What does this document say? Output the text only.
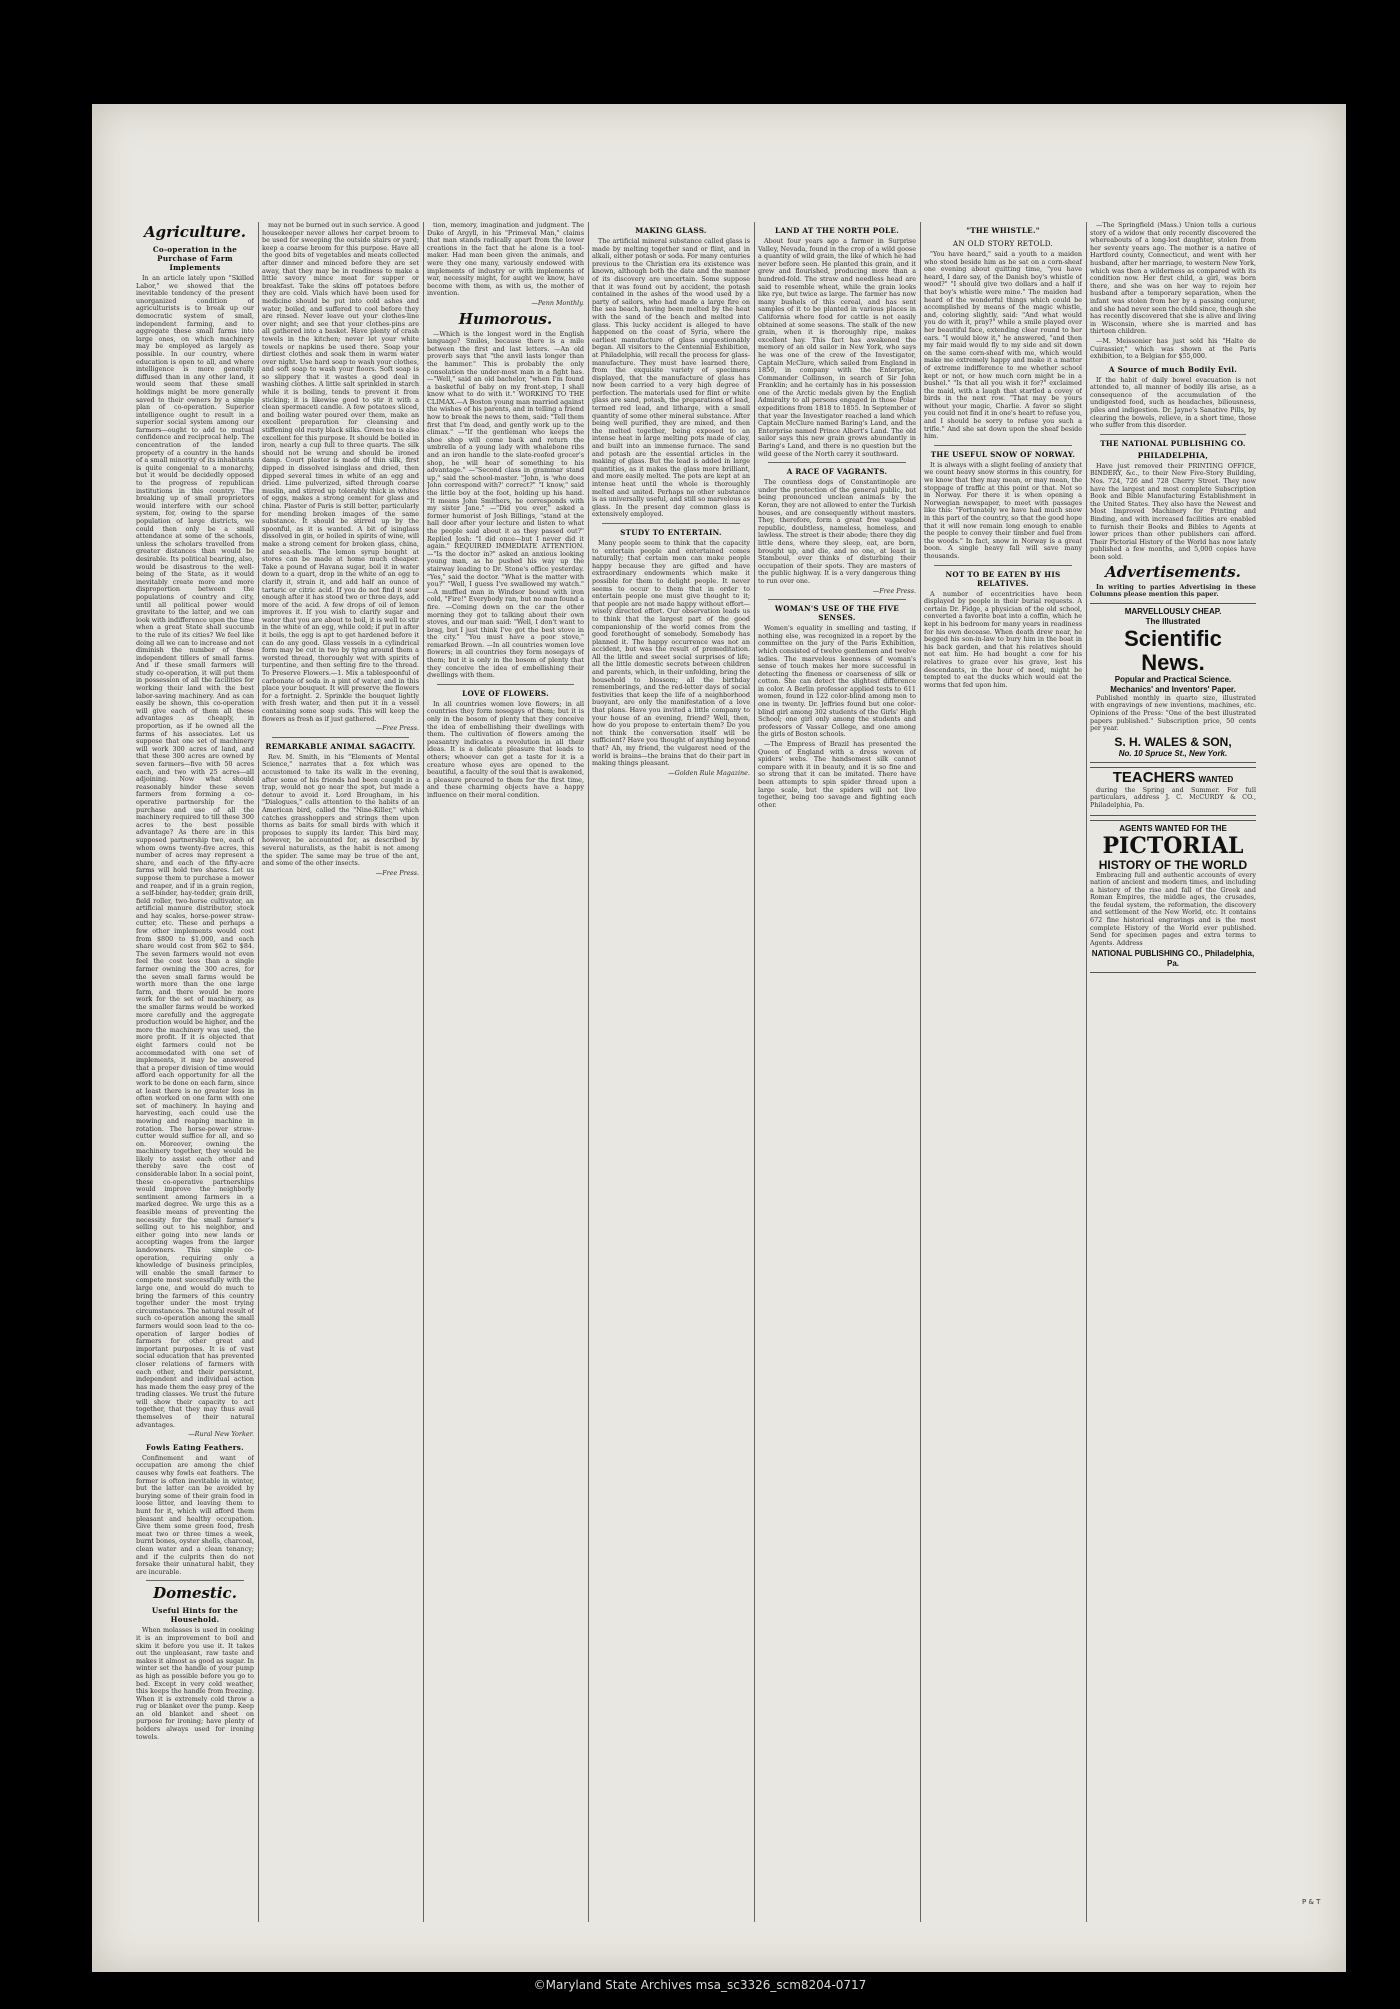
Agriculture.
Co-operation in the Purchase of Farm Implements

In an article lately upon "Skilled Labor," we showed that the inevitable tendency of the present unorganized condition of agriculturists is to break up our democratic system of small, independent farming, and to aggregate these small farms into large ones, on which machinery may be employed as largely as possible. In our country, where education is open to all, and where intelligence is more generally diffused than in any other land, it would seem that these small holdings might be more generally saved to their owners by a simple plan of co-operation. Superior intelligence ought to result in a superior social system among our farmers—ought to add to mutual confidence and reciprocal help. The concentration of the landed property of a country in the hands of a small minority of its inhabitants is quite congenial to a monarchy, but it would be decidedly opposed to the progress of republican institutions in this country. The breaking up of small proprietors would interfere with our school system, for, owing to the sparse population of large districts, we could then only be a small attendance at some of the schools, unless the scholars travelled from greater distances than would be desirable. Its political bearing, also, would be disastrous to the well-being of the State, as it would inevitably create more and more disproportion between the populations of country and city, until all political power would gravitate to the latter, and we can look with indifference upon the time when a great State shall succumb to the rule of its cities? We feel like doing all we can to increase and not diminish the number of these independent tillers of small farms. And if these small farmers will study co-operation, it will put them in possession of all the facilities for working their land with the best labor-saving machinery. And as can easily be shown, this co-operation will give each of them all these advantages as cheaply, in proportion, as if he owned all the farms of his associates. Let us suppose that one set of machinery will work 300 acres of land, and that these 300 acres are owned by seven farmers—five with 50 acres each, and two with 25 acres—all adjoining. Now what should reasonably hinder these seven farmers from forming a co-operative partnership for the purchase and use of all the machinery required to till these 300 acres to the best possible advantage? As there are in this supposed partnership two, each of whom owns twenty-five acres, this number of acres may represent a share, and each of the fifty-acre farms will hold two shares. Let us suppose them to purchase a mower and reaper, and if in a grain region, a self-binder, hay-tedder, grain drill, field roller, two-horse cultivator, an artificial manure distributor, stock and hay scales, horse-power straw-cutter, etc. These and perhaps a few other implements would cost from $800 to $1,000, and each share would cost from $62 to $84. The seven farmers would not even feel the cost less than a single farmer owning the 300 acres, for the seven small farms would be worth more than the one large farm, and there would be more work for the set of machinery, as the smaller farms would be worked more carefully and the aggregate production would be higher, and the more the machinery was used, the more profit. If it is objected that eight farmers could not be accommodated with one set of implements, it may be answered that a proper division of time would afford each opportunity for all the work to be done on each farm, since at least there is no greater loss in often worked on one farm with one set of machinery. In haying and harvesting, each could use the mowing and reaping machine in rotation. The horse-power straw-cutter would suffice for all, and so on. Moreover, owning the machinery together, they would be likely to assist each other and thereby save the cost of considerable labor. In a social point, these co-operative partnerships would improve the neighborly sentiment among farmers in a marked degree. We urge this as a feasible means of preventing the necessity for the small farmer's selling out to his neighbor, and either going into new lands or accepting wages from the larger landowners. This simple co-operation, requiring only a knowledge of business principles, will enable the small farmer to compete most successfully with the large one, and would do much to bring the farmers of this country together under the most trying circumstances. The natural result of such co-operation among the small farmers would soon lead to the co-operation of larger bodies of farmers for other great and important purposes. It is of vast social education that has prevented closer relations of farmers with each other, and their persistent, independent and individual action has made them the easy prey of the trading classes. We trust the future will show their capacity to act together, that they may thus avail themselves of their natural advantages.

—Rural New Yorker.

Fowls Eating Feathers.

Confinement and want of occupation are among the chief causes why fowls eat feathers. The former is often inevitable in winter, but the latter can be avoided by burying some of their grain food in loose litter, and leaving them to hunt for it, which will afford them pleasant and healthy occupation. Give them some green food, fresh meat two or three times a week, burnt bones, oyster shells, charcoal, clean water and a clean tenancy; and if the culprits then do not forsake their unnatural habit, they are incurable.

Domestic.
Useful Hints for the Household.

When molasses is used in cooking it is an improvement to boil and skim it before you use it. It takes out the unpleasant, raw taste and makes it almost as good as sugar. In winter set the handle of your pump as high as possible before you go to bed. Except in very cold weather, this keeps the handle from freezing. When it is extremely cold throw a rug or blanket over the pump. Keep an old blanket and sheet on purpose for ironing; have plenty of holders always used for ironing towels.

may not be burned out in such service. A good housekeeper never allows her carpet broom to be used for sweeping the outside stairs or yard; keep a coarse broom for this purpose. Have all the good bits of vegetables and meats collected after dinner and minced before they are set away, that they may be in readiness to make a little savory mince meat for supper or breakfast. Take the skins off potatoes before they are cold. Vials which have been used for medicine should be put into cold ashes and water, boiled, and suffered to cool before they are rinsed. Never leave out your clothes-line over night; and see that your clothes-pins are all gathered into a basket. Have plenty of crash towels in the kitchen; never let your white towels or napkins be used there. Soap your dirtiest clothes and soak them in warm water over night. Use hard soap to wash your clothes, and soft soap to wash your floors. Soft soap is so slippery that it wastes a good deal in washing clothes. A little salt sprinkled in starch while it is boiling, tends to prevent it from sticking; it is likewise good to stir it with a clean spermaceti candle. A few potatoes sliced, and boiling water poured over them, make an excellent preparation for cleansing and stiffening old rusty black silks. Green tea is also excellent for this purpose. It should be boiled in iron, nearly a cup full to three quarts. The silk should not be wrung and should be ironed damp. Court plaster is made of thin silk, first dipped in dissolved isinglass and dried, then dipped several times in white of an egg and dried. Lime pulverized, sifted through coarse muslin, and stirred up tolerably thick in whites of eggs, makes a strong cement for glass and china. Plaster of Paris is still better, particularly for mending broken images of the same substance. It should be stirred up by the spoonful, as it is wanted. A bit of isinglass dissolved in gin, or boiled in spirits of wine, will make a strong cement for broken glass, china, and sea-shells. The lemon syrup bought at stores can be made at home much cheaper. Take a pound of Havana sugar, boil it in water down to a quart, drop in the white of an egg to clarify it, strain it, and add half an ounce of tartaric or citric acid. If you do not find it sour enough after it has stood two or three days, add more of the acid. A few drops of oil of lemon improves it. If you wish to clarify sugar and water that you are about to boil, it is well to stir in the white of an egg, while cold; if put in after it boils, the egg is apt to get hardened before it can do any good. Glass vessels in a cylindrical form may be cut in two by tying around them a worsted thread, thoroughly wet with spirits of turpentine, and then setting fire to the thread. To Preserve Flowers.—1. Mix a tablespoonful of carbonate of soda in a pint of water, and in this place your bouquet. It will preserve the flowers for a fortnight. 2. Sprinkle the bouquet lightly with fresh water, and then put it in a vessel containing some soap suds. This will keep the flowers as fresh as if just gathered.

—Free Press.

REMARKABLE ANIMAL SAGACITY.

Rev. M. Smith, in his "Elements of Mental Science," narrates that a fox which was accustomed to take its walk in the evening, after some of his friends had been caught in a trap, would not go near the spot, but made a detour to avoid it. Lord Brougham, in his "Dialogues," calls attention to the habits of an American bird, called the "Nine-Killer," which catches grasshoppers and strings them upon thorns as baits for small birds with which it proposes to supply its larder. This bird may, however, be accounted for, as described by several naturalists, as the habit is not among the spider. The same may be true of the ant, and some of the other insects.

—Free Press.

tion, memory, imagination and judgment. The Duke of Argyll, in his "Primeval Man," claims that man stands radically apart from the lower creations in the fact that he alone is a tool-maker. Had man been given the animals, and were they one many, variously endowed with implements of industry or with implements of war, necessity might, for aught we know, have become with them, as with us, the mother of invention.

—Penn Monthly.

Humorous.

—Which is the longest word in the English language? Smiles, because there is a mile between the first and last letters. —An old proverb says that "the anvil lasts longer than the hammer." This is probably the only consolation the under-most man in a fight has. —"Well," said an old bachelor, "when I'm found a basketful of baby on my front-step, I shall know what to do with it." WORKING TO THE CLIMAX.—A Boston young man married against the wishes of his parents, and in telling a friend how to break the news to them, said: "Tell them first that I'm dead, and gently work up to the climax." —"If the gentleman who keeps the shoe shop will come back and return the umbrella of a young lady with whalebone ribs and an iron handle to the slate-roofed grocer's shop, he will hear of something to his advantage." —"Second class in grammar stand up," said the school-master. "John, is 'who does John correspond with?' correct?" "I know," said the little boy at the foot, holding up his hand. "It means John Smithers, he corresponds with my sister Jane." —"Did you ever," asked a former humorist of Josh Billings, "stand at the hall door after your lecture and listen to what the people said about it as they passed out?" Replied Josh: "I did once—but I never did it again." REQUIRED IMMEDIATE ATTENTION.—"Is the doctor in?" asked an anxious looking young man, as he pushed his way up the stairway leading to Dr. Stone's office yesterday. "Yes," said the doctor. "What is the matter with you?" "Well, I guess I've swallowed my watch." —A muffled man in Windsor bound with iron cold, "Fire!" Everybody ran, but no man found a fire. —Coming down on the car the other morning they got to talking about their own stoves, and our man said: "Well, I don't want to brag, but I just think I've got the best stove in the city." "You must have a poor stove," remarked Brown. —In all countries women love flowers; in all countries they form nosegays of them; but it is only in the bosom of plenty that they conceive the idea of embellishing their dwellings with them.

LOVE OF FLOWERS.

In all countries women love flowers; in all countries they form nosegays of them; but it is only in the bosom of plenty that they conceive the idea of embellishing their dwellings with them. The cultivation of flowers among the peasantry indicates a revolution in all their ideas. It is a delicate pleasure that leads to others; whoever can get a taste for it is a creature whose eyes are opened to the beautiful, a faculty of the soul that is awakened, a pleasure procured to them for the first time, and these charming objects have a happy influence on their moral condition.

MAKING GLASS.

The artificial mineral substance called glass is made by melting together sand or flint, and in alkali, either potash or soda. For many centuries previous to the Christian era its existence was known, although both the date and the manner of its discovery are uncertain. Some suppose that it was found out by accident, the potash contained in the ashes of the wood used by a party of sailors, who had made a large fire on the sea beach, having been melted by the heat with the sand of the beach and melted into glass. This lucky accident is alleged to have happened on the coast of Syria, where the earliest manufacture of glass unquestionably began. All visitors to the Centennial Exhibition, at Philadelphia, will recall the process for glass-manufacture. They must have learned there, from the exquisite variety of specimens displayed, that the manufacture of glass has now been carried to a very high degree of perfection. The materials used for flint or white glass are sand, potash, the preparations of lead, termed red lead, and litharge, with a small quantity of some other mineral substance. After being well purified, they are mixed, and then the melted together, being exposed to an intense heat in large melting pots made of clay, and built into an immense furnace. The sand and potash are the essential articles in the making of glass. But the lead is added in large quantities, as it makes the glass more brilliant, and more easily melted. The pots are kept at an intense heat until the whole is thoroughly melted and united. Perhaps no other substance is as universally useful, and still so marvelous as glass. In the present day common glass is extensively employed.

STUDY TO ENTERTAIN.

Many people seem to think that the capacity to entertain people and entertained comes naturally; that certain men can make people happy because they are gifted and have extraordinary endowments which make it possible for them to delight people. It never seems to occur to them that in order to entertain people one must give thought to it; that people are not made happy without effort—wisely directed effort. Our observation leads us to think that the largest part of the good companionship of the world comes from the good forethought of somebody. Somebody has planned it. The happy occurrence was not an accident, but was the result of premeditation. All the little and sweet social surprises of life; all the little domestic secrets between children and parents, which, in their unfolding, bring the household to blossom; all the birthday rememberings, and the red-letter days of social festivities that keep the life of a neighborhood buoyant, are only the manifestation of a love that plans. Have you invited a little company to your house of an evening, friend? Well, then, how do you propose to entertain them? Do you not think the conversation itself will be sufficient? Have you thought of anything beyond that? Ah, my friend, the vulgarest need of the world is brains—the brains that do their part in making things pleasant.

—Golden Rule Magazine.

LAND AT THE NORTH POLE.

About four years ago a farmer in Surprise Valley, Nevada, found in the crop of a wild goose a quantity of wild grain, the like of which he had never before seen. He planted this grain, and it grew and flourished, producing more than a hundred-fold. The straw and needless head are said to resemble wheat, while the grain looks like rye, but twice as large. The farmer has now many bushels of this cereal, and has sent samples of it to be planted in various places in California where food for cattle is not easily obtained at some seasons. The stalk of the new grain, when it is thoroughly ripe, makes excellent hay. This fact has awakened the memory of an old sailor in New York, who says he was one of the crew of the Investigator, Captain McClure, which sailed from England in 1850, in company with the Enterprise, Commander Collinson, in search of Sir John Franklin; and he certainly has in his possession one of the Arctic medals given by the English Admiralty to all persons engaged in those Polar expeditions from 1818 to 1855. In September of that year the Investigator reached a land which Captain McClure named Baring's Land, and the Enterprise named Prince Albert's Land. The old sailor says this new grain grows abundantly in Baring's Land, and there is no question but the wild geese of the North carry it southward.

A RACE OF VAGRANTS.

The countless dogs of Constantinople are under the protection of the general public, but being pronounced unclean animals by the Koran, they are not allowed to enter the Turkish houses, and are consequently without masters. They, therefore, form a great free vagabond republic, doubtless, nameless, homeless, and lawless. The street is their abode; there they dig little dens, where they sleep, eat, are born, brought up, and die, and no one, at least in Stamboul, ever thinks of disturbing their occupation of their spots. They are masters of the public highway. It is a very dangerous thing to run over one.

—Free Press.

WOMAN'S USE OF THE FIVE SENSES.

Women's equality in smelling and tasting, if nothing else, was recognized in a report by the committee on the jury of the Paris Exhibition, which consisted of twelve gentlemen and twelve ladies. The marvelous keenness of woman's sense of touch makes her more successful in detecting the fineness or coarseness of silk or cotton. She can detect the slightest difference in color. A Berlin professor applied tests to 611 women, found in 122 color-blind among men to one in twenty. Dr. Jeffries found but one color-blind girl among 302 students of the Girls' High School; one girl only among the students and professors of Vassar College, and one among the girls of Boston schools.

—The Empress of Brazil has presented the Queen of England with a dress woven of spiders' webs. The handsomest silk cannot compare with it in beauty, and it is so fine and so strong that it can be imitated. There have been attempts to spin spider thread upon a large scale, but the spiders will not live together, being too savage and fighting each other.

"THE WHISTLE."
AN OLD STORY RETOLD.

"You have heard," said a youth to a maiden who stood beside him as he sat on a corn-sheaf one evening about quitting time, "you have heard, I dare say, of the Danish boy's whistle of wood?" "I should give two dollars and a half if that boy's whistle were mine." The maiden had heard of the wonderful things which could be accomplished by means of the magic whistle, and, coloring slightly, said: "And what would you do with it, pray?" while a smile played over her beautiful face, extending clear round to her ears. "I would blow it," he answered, "and then my fair maid would fly to my side and sit down on the same corn-sheaf with me, which would make me extremely happy and make it a matter of extreme indifference to me whether school kept or not, or how much corn might be in a bushel." "Is that all you wish it for?" exclaimed the maid, with a laugh that startled a covey of birds in the next row. "That may be yours without your magic, Charlie. A favor so slight you could not find it in one's heart to refuse you, and I should be sorry to refuse you such a trifle." And she sat down upon the sheaf beside him.

THE USEFUL SNOW OF NORWAY.

It is always with a slight feeling of anxiety that we count heavy snow storms in this country, for we know that they may mean, or may mean, the stoppage of traffic at this point or that. Not so in Norway. For there it is when opening a Norwegian newspaper, to meet with passages like this: "Fortunately we have had much snow in this part of the country, so that the good hope that it will now remain long enough to enable the people to convey their timber and fuel from the woods." In fact, snow in Norway is a great boon. A single heavy fall will save many thousands.

NOT TO BE EATEN BY HIS RELATIVES.

A number of eccentricities have been displayed by people in their burial requests. A certain Dr. Fidge, a physician of the old school, converted a favorite boat into a coffin, which he kept in his bedroom for many years in readiness for his own decease. When death drew near, he begged his son-in-law to bury him in the boat in his back garden, and that his relatives should not eat him. He had bought a cow for his relatives to graze over his grave, lest his descendants, in the hour of need, might be tempted to eat the ducks which would eat the worms that fed upon him.

—The Springfield (Mass.) Union tells a curious story of a widow that only recently discovered the whereabouts of a long-lost daughter, stolen from her seventy years ago. The mother is a native of Hartford county, Connecticut, and went with her husband, after her marriage, to western New York, which was then a wilderness as compared with its condition now. Her first child, a girl, was born there, and she was on her way to rejoin her husband after a temporary separation, when the infant was stolen from her by a passing conjurer, and she had never seen the child since, though she has recently discovered that she is alive and living in Wisconsin, where she is married and has thirteen children.

—M. Meissonier has just sold his "Halte de Cuirassier," which was shown at the Paris exhibition, to a Belgian for $55,000.

A Source of much Bodily Evil.

If the habit of daily bowel evacuation is not attended to, all manner of bodily ills arise, as a consequence of the accumulation of the undigested food, such as headaches, biliousness, piles and indigestion. Dr. Jayne's Sanative Pills, by clearing the bowels, relieve, in a short time, those who suffer from this disorder.

THE NATIONAL PUBLISHING CO.
PHILADELPHIA,

Have just removed their PRINTING OFFICE, BINDERY, &c., to their New Five-Story Building, Nos. 724, 726 and 728 Cherry Street. They now have the largest and most complete Subscription Book and Bible Manufacturing Establishment in the United States. They also have the Newest and Most Improved Machinery for Printing and Binding, and with increased facilities are enabled to furnish their Books and Bibles to Agents at lower prices than other publishers can afford. Their Pictorial History of the World has now lately published a few months, and 5,000 copies have been sold.

Advertisements.

In writing to parties Advertising in these Columns please mention this paper.

MARVELLOUSLY CHEAP.
The Illustrated
Scientific News.
Popular and Practical Science.
Mechanics' and Inventors' Paper.

Published monthly in quarto size, illustrated with engravings of new inventions, machines, etc. Opinions of the Press: "One of the best illustrated papers published." Subscription price, 50 cents per year.

S. H. WALES & SON,
No. 10 Spruce St., New York.
TEACHERS WANTED

during the Spring and Summer. For full particulars, address J. C. McCURDY & CO., Philadelphia, Pa.

AGENTS WANTED FOR THE
PICTORIAL
HISTORY OF THE WORLD

Embracing full and authentic accounts of every nation of ancient and modern times, and including a history of the rise and fall of the Greek and Roman Empires, the middle ages, the crusades, the feudal system, the reformation, the discovery and settlement of the New World, etc. It contains 672 fine historical engravings and is the most complete History of the World ever published. Send for specimen pages and extra terms to Agents. Address

NATIONAL PUBLISHING CO., Philadelphia, Pa.
P & T
©Maryland State Archives msa_sc3326_scm8204-0717
